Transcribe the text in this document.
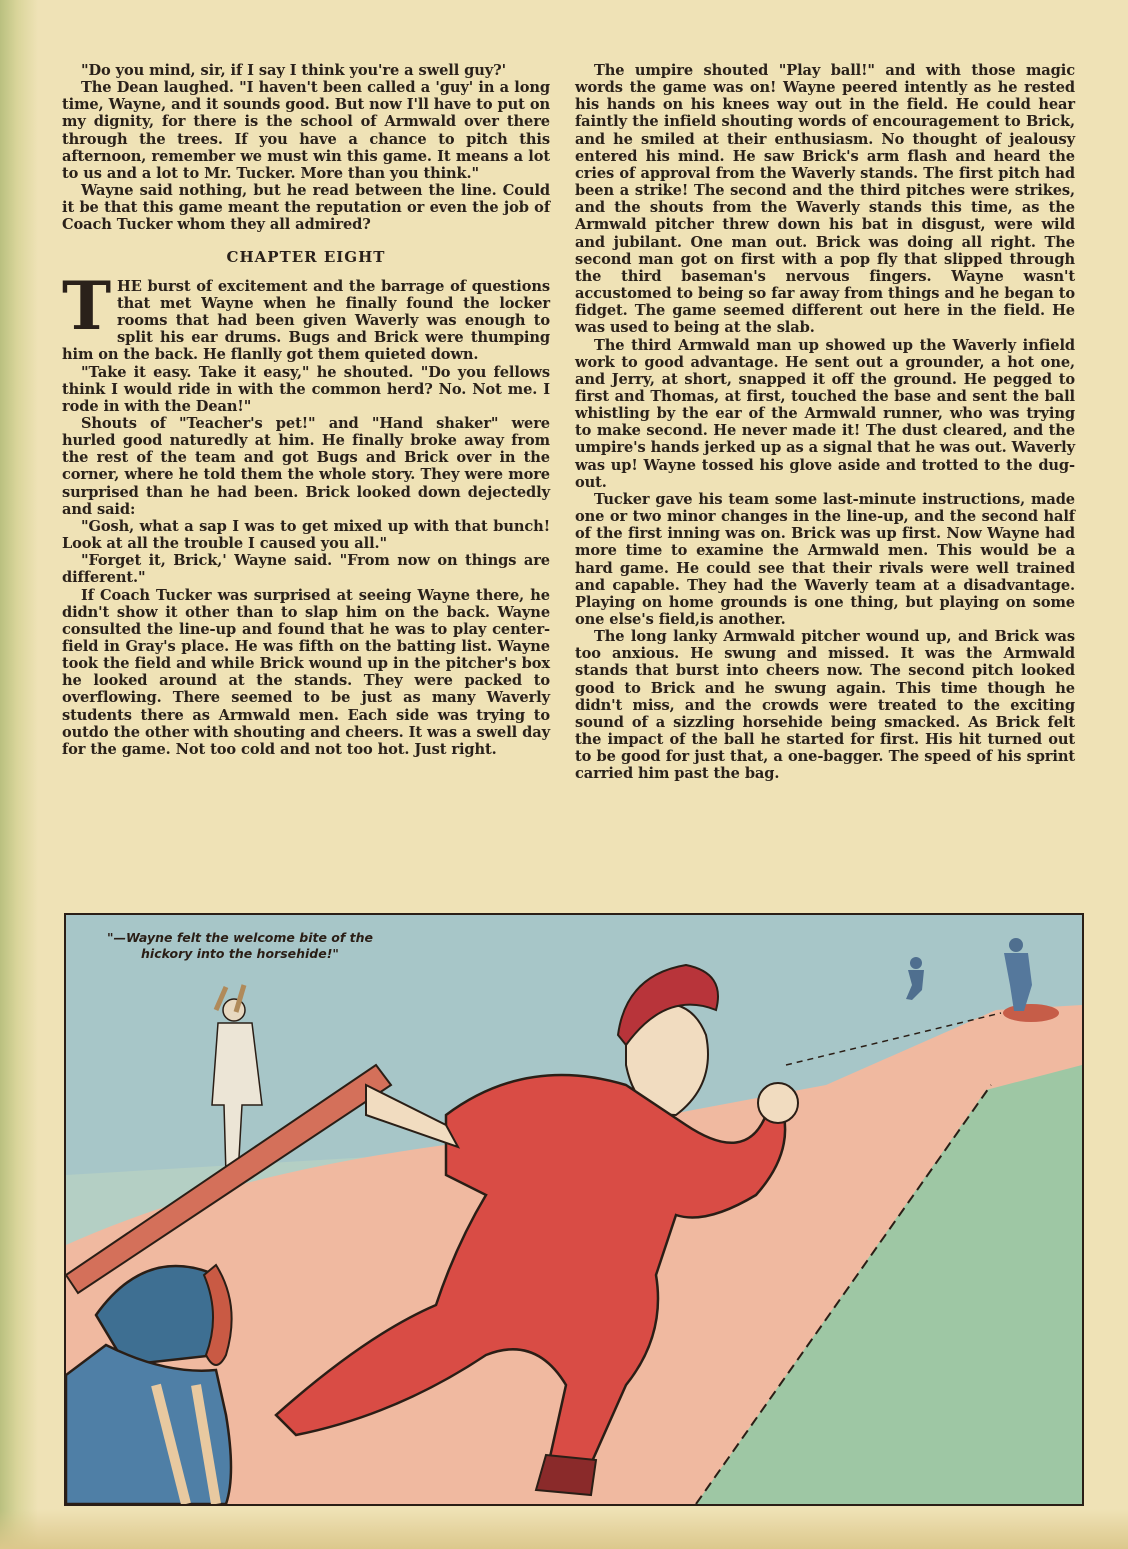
"Do you mind, sir, if I say I think you're a swell guy?'

The Dean laughed. "I haven't been called a 'guy' in a long time, Wayne, and it sounds good. But now I'll have to put on my dignity, for there is the school of Armwald over there through the trees. If you have a chance to pitch this afternoon, remember we must win this game. It means a lot to us and a lot to Mr. Tucker. More than you think."

Wayne said nothing, but he read between the line. Could it be that this game meant the reputation or even the job of Coach Tucker whom they all admired?

CHAPTER EIGHT

THE burst of excitement and the barrage of questions that met Wayne when he finally found the locker rooms that had been given Waverly was enough to split his ear drums. Bugs and Brick were thumping him on the back. He flanlly got them quieted down.

"Take it easy. Take it easy," he shouted. "Do you fellows think I would ride in with the common herd? No. Not me. I rode in with the Dean!"

Shouts of "Teacher's pet!" and "Hand shaker" were hurled good naturedly at him. He finally broke away from the rest of the team and got Bugs and Brick over in the corner, where he told them the whole story. They were more surprised than he had been. Brick looked down dejectedly and said:

"Gosh, what a sap I was to get mixed up with that bunch! Look at all the trouble I caused you all."

"Forget it, Brick,' Wayne said. "From now on things are different."

If Coach Tucker was surprised at seeing Wayne there, he didn't show it other than to slap him on the back. Wayne consulted the line-up and found that he was to play center-field in Gray's place. He was fifth on the batting list. Wayne took the field and while Brick wound up in the pitcher's box he looked around at the stands. They were packed to overflowing. There seemed to be just as many Waverly students there as Armwald men. Each side was trying to outdo the other with shouting and cheers. It was a swell day for the game. Not too cold and not too hot. Just right.

The umpire shouted "Play ball!" and with those magic words the game was on! Wayne peered intently as he rested his hands on his knees way out in the field. He could hear faintly the infield shouting words of encouragement to Brick, and he smiled at their enthusiasm. No thought of jealousy entered his mind. He saw Brick's arm flash and heard the cries of approval from the Waverly stands. The first pitch had been a strike! The second and the third pitches were strikes, and the shouts from the Waverly stands this time, as the Armwald pitcher threw down his bat in disgust, were wild and jubilant. One man out. Brick was doing all right. The second man got on first with a pop fly that slipped through the third baseman's nervous fingers. Wayne wasn't accustomed to being so far away from things and he began to fidget. The game seemed different out here in the field. He was used to being at the slab.

The third Armwald man up showed up the Waverly infield work to good advantage. He sent out a grounder, a hot one, and Jerry, at short, snapped it off the ground. He pegged to first and Thomas, at first, touched the base and sent the ball whistling by the ear of the Armwald runner, who was trying to make second. He never made it! The dust cleared, and the umpire's hands jerked up as a signal that he was out. Waverly was up! Wayne tossed his glove aside and trotted to the dug-out.

Tucker gave his team some last-minute instructions, made one or two minor changes in the line-up, and the second half of the first inning was on. Brick was up first. Now Wayne had more time to examine the Armwald men. This would be a hard game. He could see that their rivals were well trained and capable. They had the Waverly team at a disadvantage. Playing on home grounds is one thing, but playing on some one else's field,is another.

The long lanky Armwald pitcher wound up, and Brick was too anxious. He swung and missed. It was the Armwald stands that burst into cheers now. The second pitch looked good to Brick and he swung again. This time though he didn't miss, and the crowds were treated to the exciting sound of a sizzling horsehide being smacked. As Brick felt the impact of the ball he started for first. His hit turned out to be good for just that, a one-bagger. The speed of his sprint carried him past the bag.

"—Wayne felt the welcome bite of the hickory into the horsehide!"
